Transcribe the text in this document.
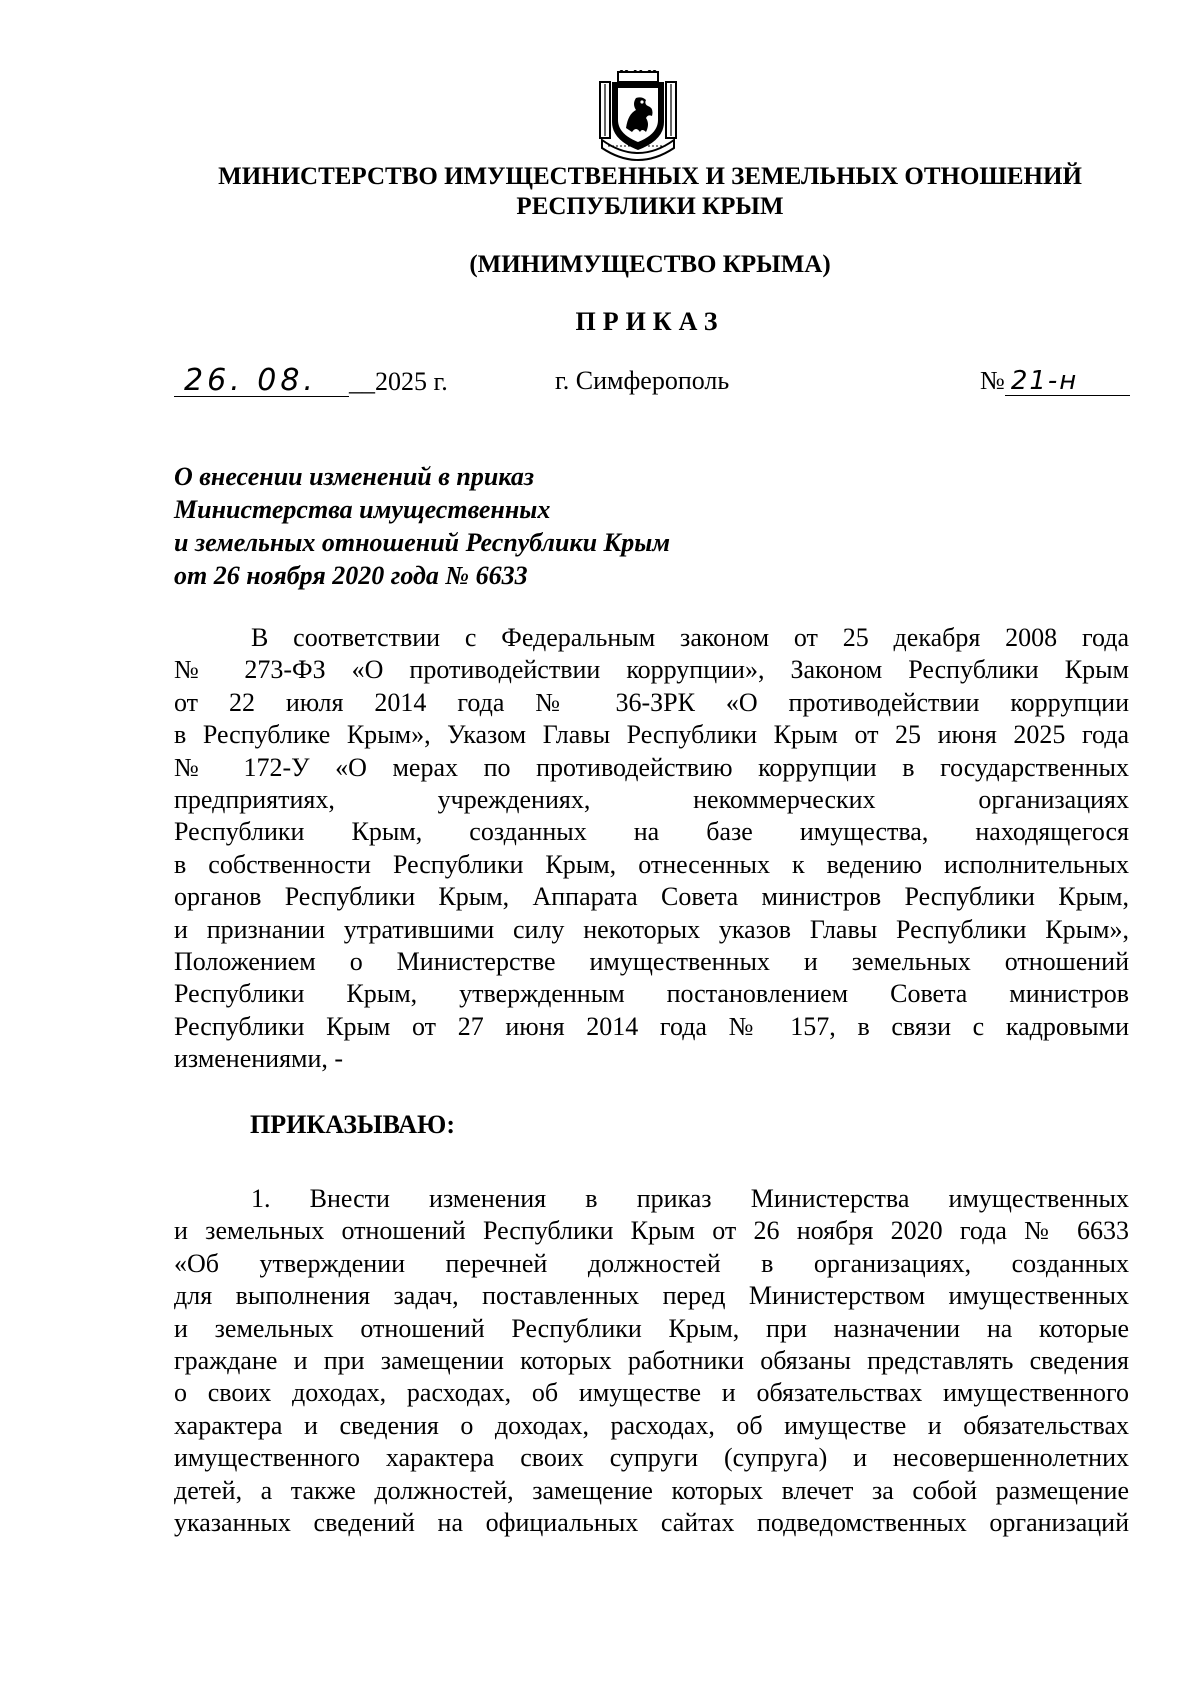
МИНИСТЕРСТВО ИМУЩЕСТВЕННЫХ И ЗЕМЕЛЬНЫХ ОТНОШЕНИЙ
РЕСПУБЛИКИ КРЫМ
(МИНИМУЩЕСТВО КРЫМА)
ПРИКАЗ
26. 08. __2025 г.	г. Симферополь	№ 21-н
О внесении изменений в приказ
Министерства имущественных
и земельных отношений Республики Крым
от 26 ноября 2020 года № 6633
В соответствии с Федеральным законом от 25 декабря 2008 года
№ 273-ФЗ «О противодействии коррупции», Законом Республики Крым
от 22 июля 2014 года № 36-ЗРК «О противодействии коррупции
в Республике Крым», Указом Главы Республики Крым от 25 июня 2025 года
№ 172-У «О мерах по противодействию коррупции в государственных
предприятиях, учреждениях, некоммерческих организациях
Республики Крым, созданных на базе имущества, находящегося
в собственности Республики Крым, отнесенных к ведению исполнительных
органов Республики Крым, Аппарата Совета министров Республики Крым,
и признании утратившими силу некоторых указов Главы Республики Крым»,
Положением о Министерстве имущественных и земельных отношений
Республики Крым, утвержденным постановлением Совета министров
Республики Крым от 27 июня 2014 года № 157, в связи с кадровыми
изменениями, -
ПРИКАЗЫВАЮ:
1. Внести изменения в приказ Министерства имущественных
и земельных отношений Республики Крым от 26 ноября 2020 года № 6633
«Об утверждении перечней должностей в организациях, созданных
для выполнения задач, поставленных перед Министерством имущественных
и земельных отношений Республики Крым, при назначении на которые
граждане и при замещении которых работники обязаны представлять сведения
о своих доходах, расходах, об имуществе и обязательствах имущественного
характера и сведения о доходах, расходах, об имуществе и обязательствах
имущественного характера своих супруги (супруга) и несовершеннолетних
детей, а также должностей, замещение которых влечет за собой размещение
указанных сведений на официальных сайтах подведомственных организаций
